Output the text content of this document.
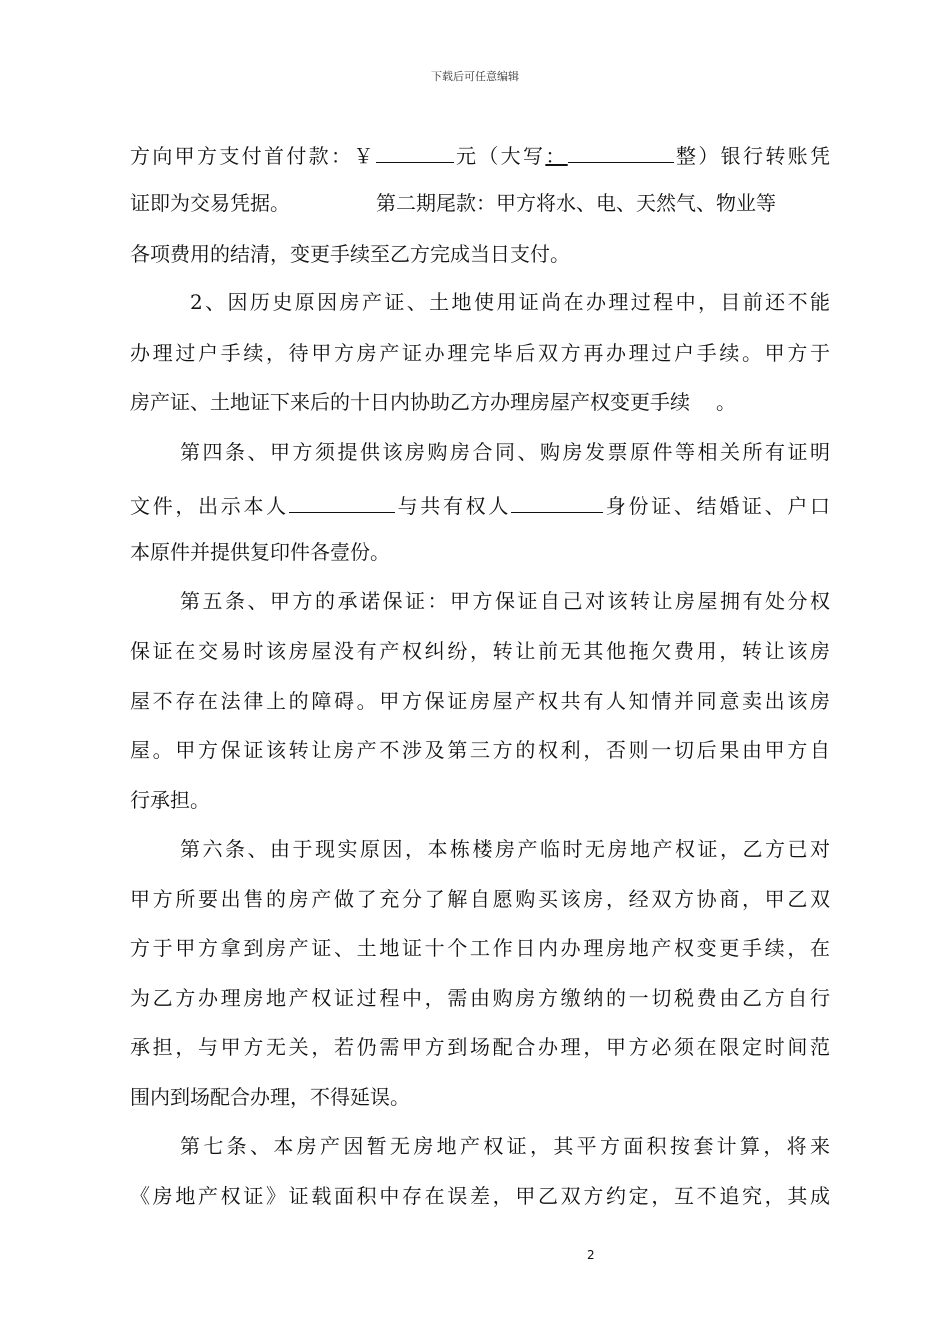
下载后可任意编辑
方向甲方支付首付款：￥	元（大写：	整）银行转账凭
证即为交易凭据。	第二期尾款：甲方将水、电、天然气、物业等
各项费用的结清，变更手续至乙方完成当日支付。
2、因历史原因房产证、土地使用证尚在办理过程中，目前还不能
办理过户手续，待甲方房产证办理完毕后双方再办理过户手续。甲方于
房产证、土地证下来后的十日内协助乙方办理房屋产权变更手续 。
第四条、甲方须提供该房购房合同、购房发票原件等相关所有证明
文件，出示本人	与共有权人	身份证、结婚证、户口
本原件并提供复印件各壹份。
第五条、甲方的承诺保证：甲方保证自己对该转让房屋拥有处分权
保证在交易时该房屋没有产权纠纷，转让前无其他拖欠费用，转让该房
屋不存在法律上的障碍。甲方保证房屋产权共有人知情并同意卖出该房
屋。甲方保证该转让房产不涉及第三方的权利，否则一切后果由甲方自
行承担。
第六条、由于现实原因，本栋楼房产临时无房地产权证，乙方已对
甲方所要出售的房产做了充分了解自愿购买该房，经双方协商，甲乙双
方于甲方拿到房产证、土地证十个工作日内办理房地产权变更手续，在
为乙方办理房地产权证过程中，需由购房方缴纳的一切税费由乙方自行
承担，与甲方无关，若仍需甲方到场配合办理，甲方必须在限定时间范
围内到场配合办理，不得延误。
第七条、本房产因暂无房地产权证，其平方面积按套计算，将来
《房地产权证》证载面积中存在误差，甲乙双方约定，互不追究，其成
2
